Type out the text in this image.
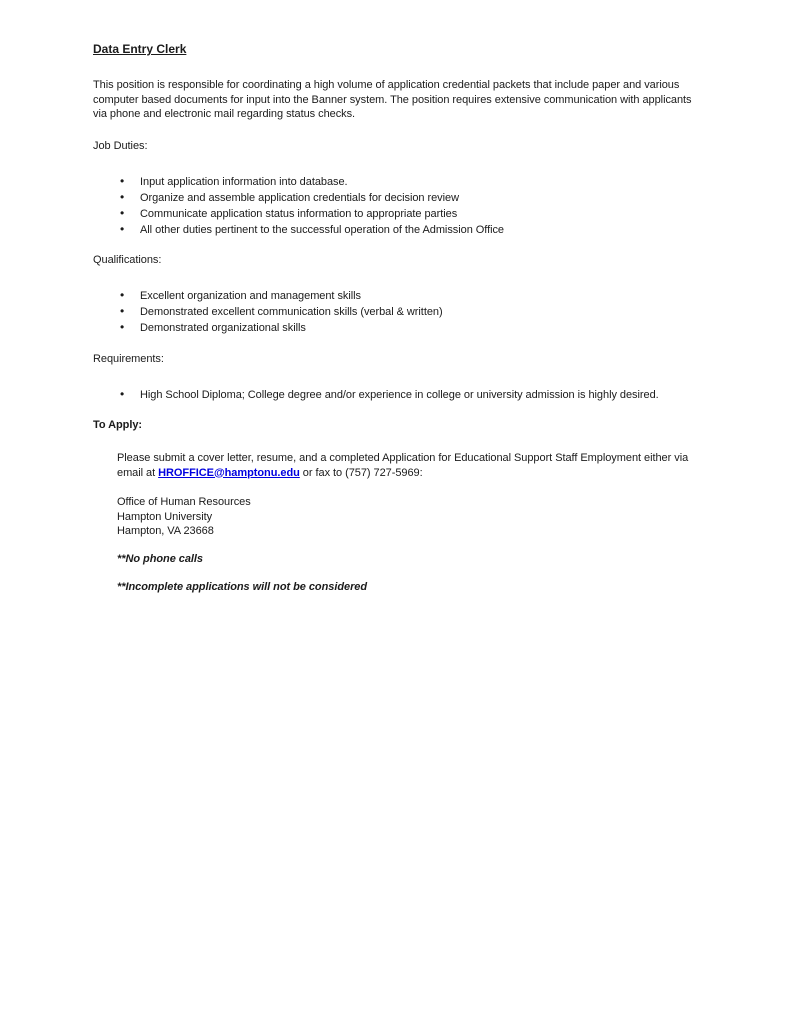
Data Entry Clerk

This position is responsible for coordinating a high volume of application credential packets that include paper and various computer based documents for input into the Banner system. The position requires extensive communication with applicants via phone and electronic mail regarding status checks.

Job Duties:

• Input application information into database.
• Organize and assemble application credentials for decision review
• Communicate application status information to appropriate parties
• All other duties pertinent to the successful operation of the Admission Office

Qualifications:

• Excellent organization and management skills
• Demonstrated excellent communication skills (verbal & written)
• Demonstrated organizational skills

Requirements:

• High School Diploma; College degree and/or experience in college or university admission is highly desired.

To Apply:

Please submit a cover letter, resume, and a completed Application for Educational Support Staff Employment either via email at HROFFICE@hamptonu.edu or fax to (757) 727-5969:

Office of Human Resources
Hampton University
Hampton, VA 23668

**No phone calls

**Incomplete applications will not be considered
